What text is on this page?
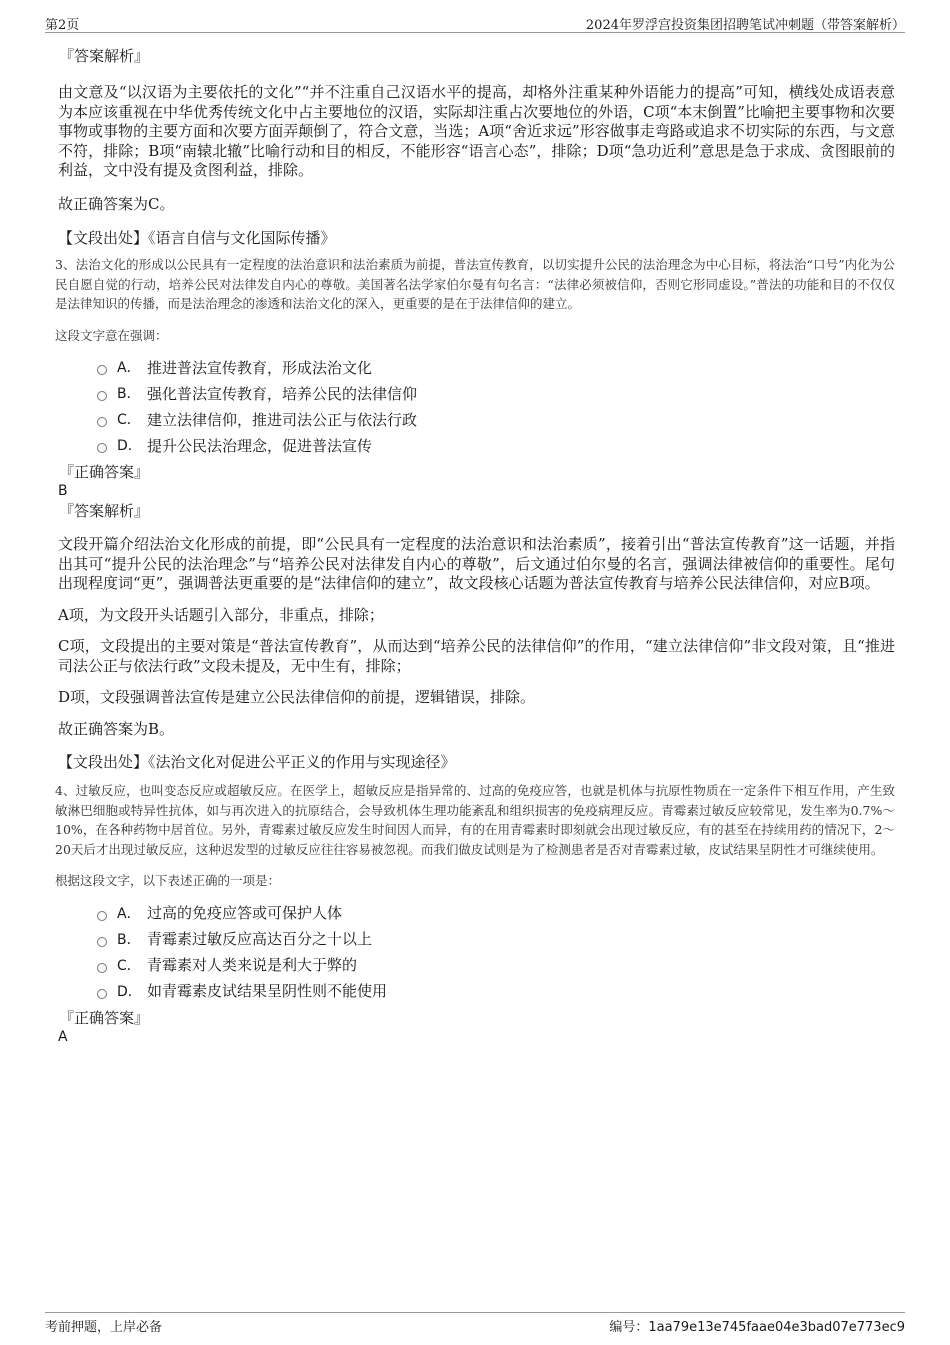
第2页	2024年罗浮宫投资集团招聘笔试冲刺题（带答案解析）
『答案解析』

由文意及“以汉语为主要依托的文化”“并不注重自己汉语水平的提高，却格外注重某种外语能力的提高”可知，横线处成语表意为本应该重视在中华优秀传统文化中占主要地位的汉语，实际却注重占次要地位的外语，C项“本末倒置”比喻把主要事物和次要事物或事物的主要方面和次要方面弄颠倒了，符合文意，当选；A项“舍近求远”形容做事走弯路或追求不切实际的东西，与文意不符，排除；B项“南辕北辙”比喻行动和目的相反，不能形容“语言心态”，排除；D项“急功近利”意思是急于求成、贪图眼前的利益，文中没有提及贪图利益，排除。

故正确答案为C。

【文段出处】《语言自信与文化国际传播》

3、法治文化的形成以公民具有一定程度的法治意识和法治素质为前提，普法宣传教育，以切实提升公民的法治理念为中心目标，将法治“口号”内化为公民自愿自觉的行动，培养公民对法律发自内心的尊敬。美国著名法学家伯尔曼有句名言：“法律必须被信仰，否则它形同虚设。”普法的功能和目的不仅仅是法律知识的传播，而是法治理念的渗透和法治文化的深入，更重要的是在于法律信仰的建立。

这段文字意在强调：

A． 推进普法宣传教育，形成法治文化
B． 强化普法宣传教育，培养公民的法律信仰
C． 建立法律信仰，推进司法公正与依法行政
D． 提升公民法治理念，促进普法宣传
『正确答案』
B
『答案解析』

文段开篇介绍法治文化形成的前提，即“公民具有一定程度的法治意识和法治素质”，接着引出“普法宣传教育”这一话题，并指出其可“提升公民的法治理念”与“培养公民对法律发自内心的尊敬”，后文通过伯尔曼的名言，强调法律被信仰的重要性。尾句出现程度词“更”，强调普法更重要的是“法律信仰的建立”，故文段核心话题为普法宣传教育与培养公民法律信仰，对应B项。

A项，为文段开头话题引入部分，非重点，排除；

C项，文段提出的主要对策是“普法宣传教育”，从而达到“培养公民的法律信仰”的作用，“建立法律信仰”非文段对策，且“推进司法公正与依法行政”文段未提及，无中生有，排除；

D项，文段强调普法宣传是建立公民法律信仰的前提，逻辑错误，排除。

故正确答案为B。

【文段出处】《法治文化对促进公平正义的作用与实现途径》

4、过敏反应，也叫变态反应或超敏反应。在医学上，超敏反应是指异常的、过高的免疫应答，也就是机体与抗原性物质在一定条件下相互作用，产生致敏淋巴细胞或特异性抗体，如与再次进入的抗原结合，会导致机体生理功能紊乱和组织损害的免疫病理反应。青霉素过敏反应较常见，发生率为0.7%～10%，在各种药物中居首位。另外，青霉素过敏反应发生时间因人而异，有的在用青霉素时即刻就会出现过敏反应，有的甚至在持续用药的情况下，2～20天后才出现过敏反应，这种迟发型的过敏反应往往容易被忽视。而我们做皮试则是为了检测患者是否对青霉素过敏，皮试结果呈阴性才可继续使用。

根据这段文字，以下表述正确的一项是：

A． 过高的免疫应答或可保护人体
B． 青霉素过敏反应高达百分之十以上
C． 青霉素对人类来说是利大于弊的
D． 如青霉素皮试结果呈阴性则不能使用
『正确答案』
A
考前押题，上岸必备	编号：1aa79e13e745faae04e3bad07e773ec9
